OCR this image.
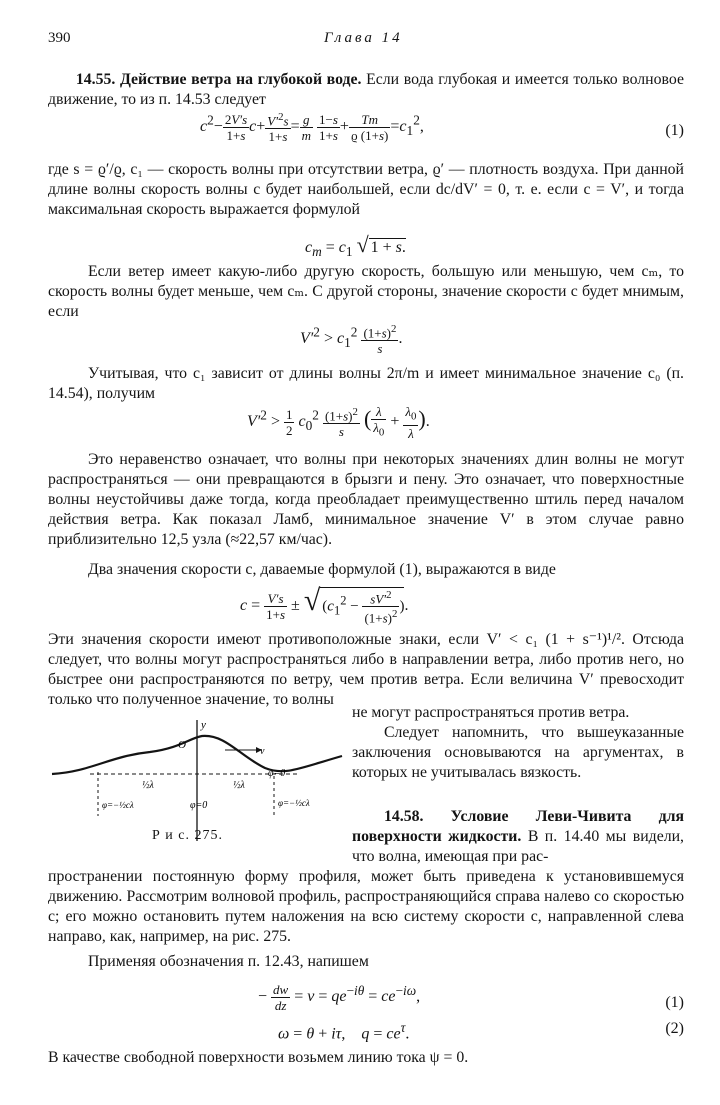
390	Глава 14
14.55. Действие ветра на глубокой воде. Если вода глубокая и имеется только волновое движение, то из п. 14.53 следует
$c^2- \frac{2V's}{1+s} c+ \frac{V'^2s}{1+s} = \frac{g}{m}$
$\frac{1-s}{1+s} + \frac{Tm}{ϱ (1+s)} =c_1^2$,	(1)
где s = ϱ′/ϱ, c₁ — скорость волны при отсутствии ветра, ϱ′ — плотность воздуха. При данной длине волны скорость волны c будет наибольшей, если dc/dV′ = 0, т. е. если c = V′, и тогда максимальная скорость выражается формулой
$c_m = c_1$ √ 1 + s.
Если ветер имеет какую-либо другую скорость, большую или меньшую, чем cₘ, то скорость волны будет меньше, чем cₘ. С другой стороны, значение скорости c будет мнимым, если
$V'^2 > c_1^2 \frac{(1+s)^2}{s}$ .
Учитывая, что c₁ зависит от длины волны 2π/m и имеет минимальное значение c₀ (п. 14.54), получим
$V'^2 > \frac{1}{2} c_0^2 \frac{(1+s)^2}{s}$ ( $\frac{\lambda}{\lambda_0} + \frac{\lambda_0}{\lambda}$ ).
Это неравенство означает, что волны при некоторых значениях длин волны не могут распространяться — они превращаются в брызги и пену. Это означает, что поверхностные волны неустойчивы даже тогда, когда преобладает преимущественно штиль перед началом действия ветра. Как показал Ламб, минимальное значение V′ в этом случае равно приблизительно 12,5 узла (≈22,57 км/час).
Два значения скорости c, даваемые формулой (1), выражаются в виде
$c = \frac{V's}{1+s}$ ± √ ($c_1^2 - \frac{sV'^2}{(1+s)^2}$ ).
Эти значения скорости имеют противоположные знаки, если V′ < c₁ (1 + s⁻¹)¹/². Отсюда следует, что волны могут распространяться либо в направлении ветра, либо против него, но быстрее они распространяются по ветру, чем против ветра. Если величина V′ превосходит только что полученное значение, то волны
не могут распространяться против ветра.
Следует напомнить, что вышеуказанные заключения основываются на аргументах, в которых не учитывалась вязкость.
y
O
v
φ=0
½λ	½λ
φ=0
φ=−½cλ	φ=−½cλ
Р и с. 275.
14.58. Условие Леви-Чивита для поверхности жидкости. В п. 14.40 мы видели, что волна, имеющая при рас-
пространении постоянную форму профиля, может быть приведена к установившемуся движению. Рассмотрим волновой профиль, распространяющийся справа налево со скоростью c; его можно остановить путем наложения на всю систему скорости c, направленной слева направо, как, например, на рис. 275.
Применяя обозначения п. 12.43, напишем
− $\frac{dw}{dz} = v = qe^{-i\theta} = ce^{-i\omega}$,	(1)
ω = θ + iτ,    $q = ce^\tau$.	(2)
В качестве свободной поверхности возьмем линию тока ψ = 0.
